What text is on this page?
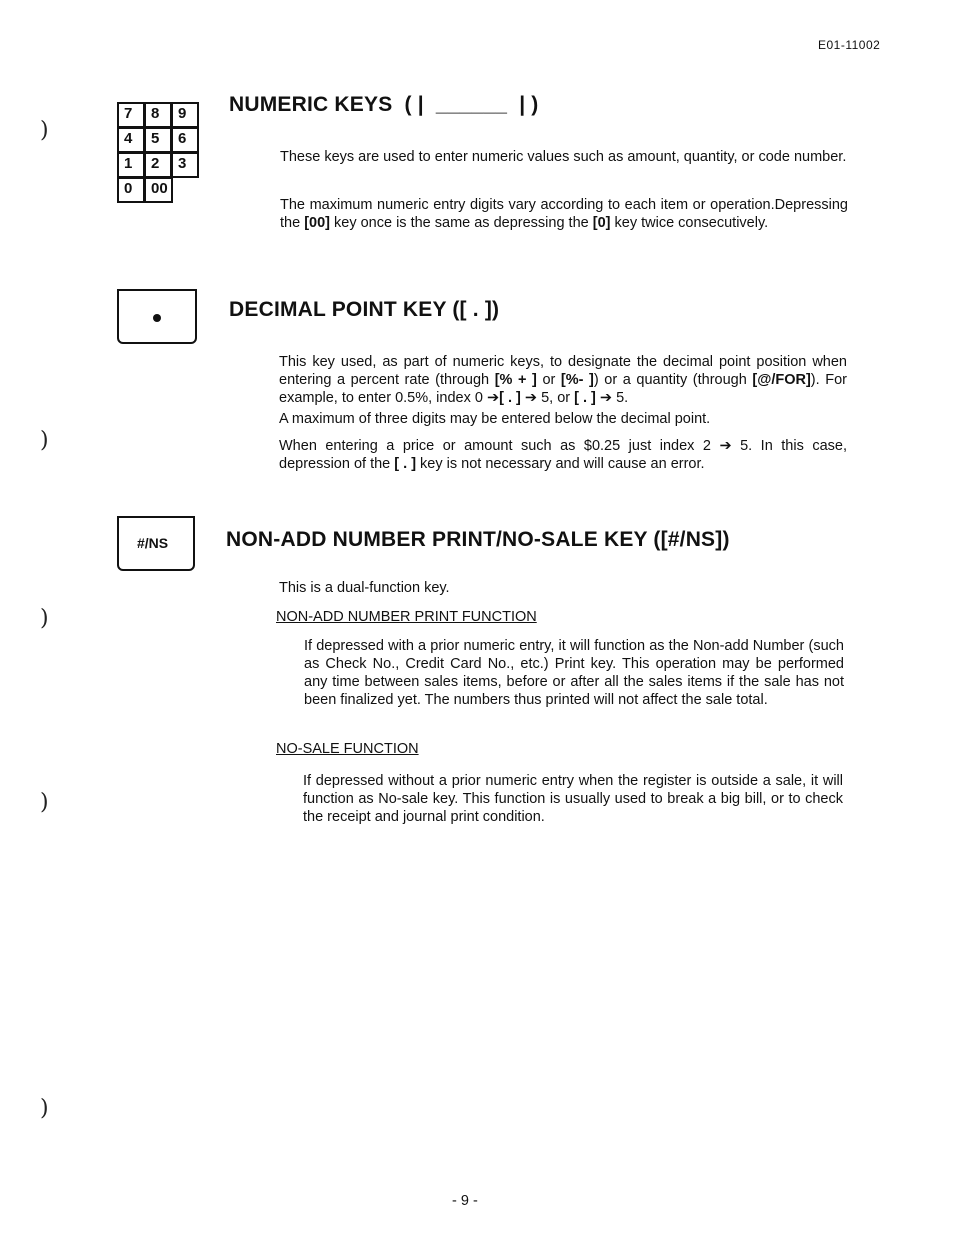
E01-11002
)
)
)
)
)
7	8	9
4	5	6
1	2	3
0	00
NUMERIC KEYS  ( |  ______  | )
These keys are used to enter numeric values such as amount, quantity, or code number.
The maximum numeric entry digits vary according to each item or operation.Depressing the [00] key once is the same as depressing the [0] key twice consecutively.
DECIMAL POINT KEY ([ . ])
This key used, as part of numeric keys, to designate the decimal point position when entering a percent rate (through [% + ] or [%- ]) or a quantity (through [@/FOR]). For example, to enter 0.5%, index 0 ➔[ . ] ➔ 5, or [ . ] ➔ 5.
A maximum of three digits may be entered below the decimal point.
When entering a price or amount such as $0.25 just index 2 ➔ 5. In this case, depression of the [ . ] key is not necessary and will cause an error.
#/NS	NON-ADD NUMBER PRINT/NO-SALE KEY ([#/NS])
This is a dual-function key.
NON-ADD NUMBER PRINT FUNCTION
If depressed with a prior numeric entry, it will function as the Non-add Number (such as Check No., Credit Card No., etc.) Print key. This operation may be performed any time between sales items, before or after all the sales items if the sale has not been finalized yet. The numbers thus printed will not affect the sale total.
NO-SALE FUNCTION
If depressed without a prior numeric entry when the register is outside a sale, it will function as No-sale key. This function is usually used to break a big bill, or to check the receipt and journal print condition.
- 9 -
